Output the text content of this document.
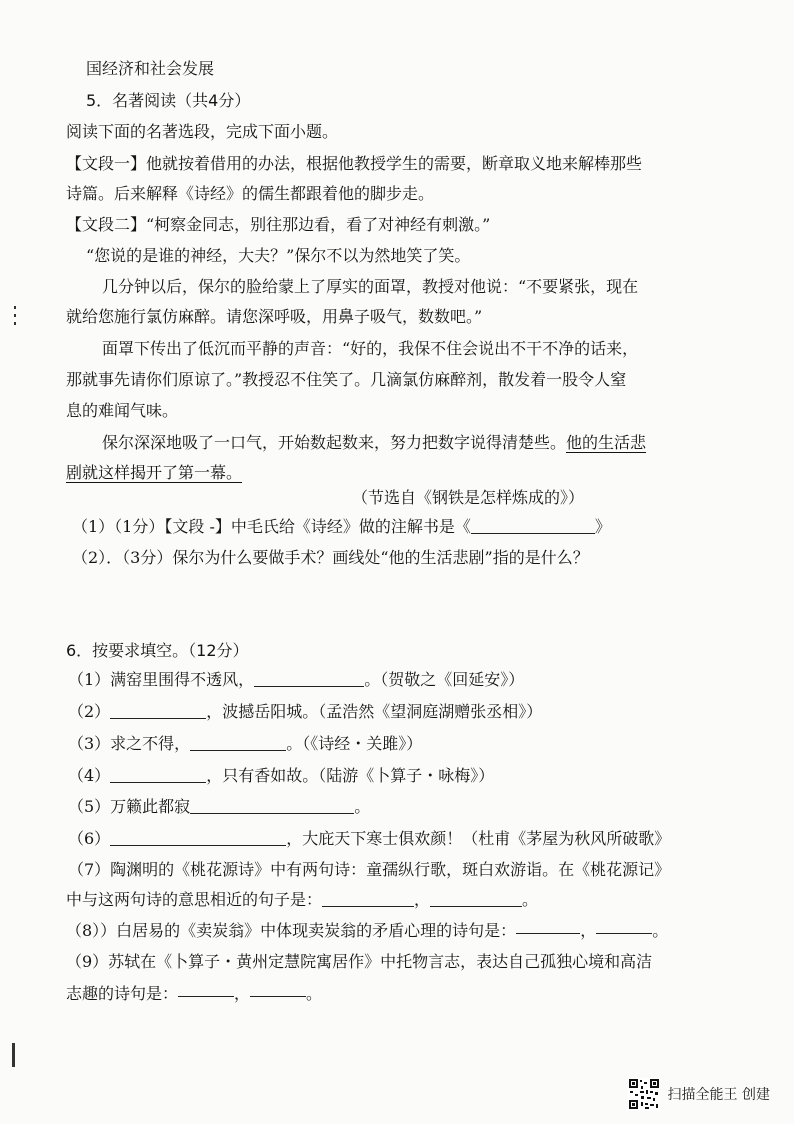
国经济和社会发展
5．名著阅读（共4分）
阅读下面的名著选段，完成下面小题。
【文段一】他就按着借用的办法，根据他教授学生的需要，断章取义地来解棒那些
诗篇。后来解释《诗经》的儒生都跟着他的脚步走。
【文段二】“柯察金同志，别往那边看，看了对神经有刺激。”
“您说的是谁的神经，大夫？”保尔不以为然地笑了笑。
几分钟以后，保尔的脸给蒙上了厚实的面罩，教授对他说：“不要紧张，现在
就给您施行氯仿麻醉。请您深呼吸，用鼻子吸气，数数吧。”
面罩下传出了低沉而平静的声音：“好的，我保不住会说出不干不净的话来，
那就事先请你们原谅了。”教授忍不住笑了。几滴氯仿麻醉剂，散发着一股令人窒
息的难闻气味。
保尔深深地吸了一口气，开始数起数来，努力把数字说得清楚些。他的生活悲
剧就这样揭开了第一幕。
（节选自《钢铁是怎样炼成的》）
（1）（1分）【文段 -】中毛氏给《诗经》做的注解书是《	》
（2）．（3分）保尔为什么要做手术？画线处“他的生活悲剧”指的是什么？
6．按要求填空。（12分）
（1）满窑里围得不透风，	。（贺敬之《回延安》）
（2）	，波撼岳阳城。（孟浩然《望洞庭湖赠张丞相》）
（3）求之不得，	。（《诗经・关雎》）
（4）	，只有香如故。（陆游《卜算子・咏梅》）
（5）万籁此都寂	。
（6）	，大庇天下寒士俱欢颜！（杜甫《茅屋为秋风所破歌》
（7）陶渊明的《桃花源诗》中有两句诗：童孺纵行歌，斑白欢游诣。在《桃花源记》
中与这两句诗的意思相近的句子是：	，	。
（8））白居易的《卖炭翁》中体现卖炭翁的矛盾心理的诗句是：	，	。
（9）苏轼在《卜算子・黄州定慧院寓居作》中托物言志，表达自己孤独心境和高洁
志趣的诗句是：	，	。
扫描全能王 创建
